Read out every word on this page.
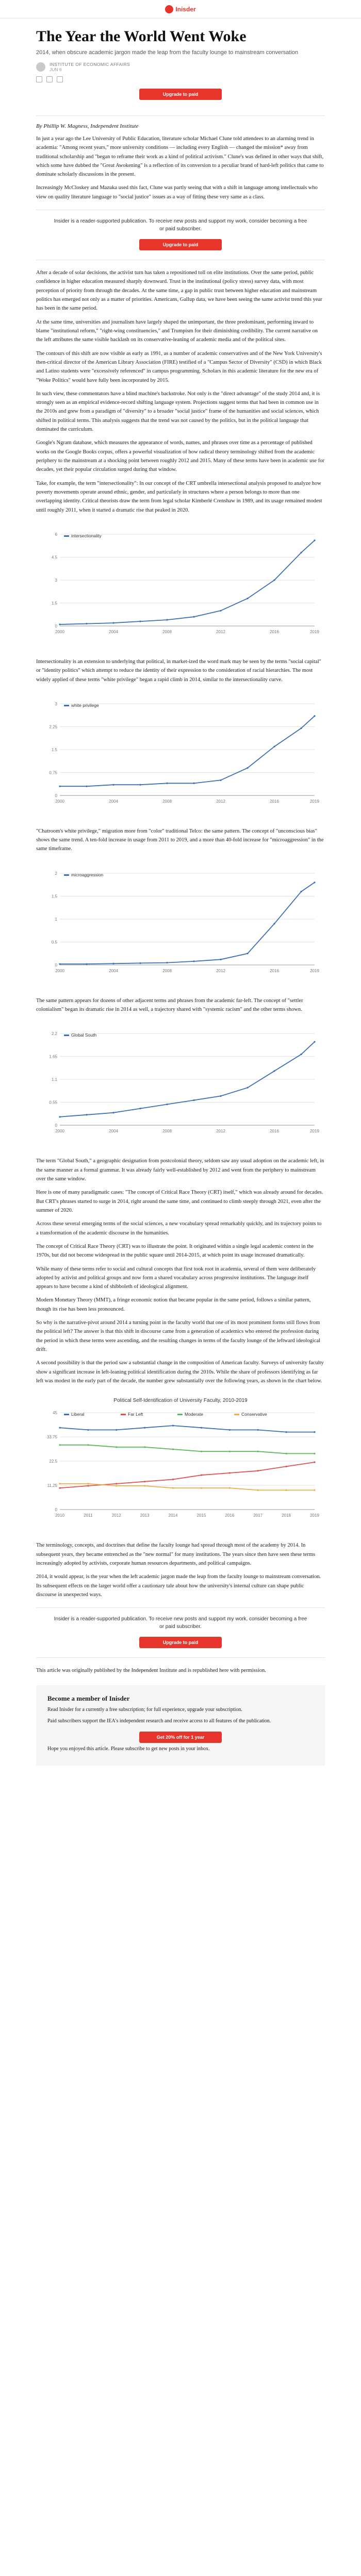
Inisder
The Year the World Went Woke

2014, when obscure academic jargon made the leap from the faculty lounge to mainstream conversation

INSTITUTE OF ECONOMIC AFFAIRS
JUN 6
Upgrade to paid

By Phillip W. Magness, Independent Institute

In just a year ago the Lee University of Public Education, literature scholar Michael Clune told attendees to an alarming trend in academia: "Among recent years," more university conditions — including every English — changed the mission* away from traditional scholarship and "began to reframe their work as a kind of political activism." Clune's was defined in other ways that shift, which some have dubbed the "Great Awokening" is a reflection of its conversion to a peculiar brand of hard-left politics that came to dominate scholarly discussions in the present.

Increasingly McCloskey and Mazuka used this fact, Clune was partly seeing that with a shift in language among intellectuals who view on quality literature language to "social justice" issues as a way of fitting these very same as a class.

Insider is a reader-supported publication. To receive new posts and support my work, consider becoming a free or paid subscriber.

Upgrade to paid

After a decade of solar decisions, the activist turn has taken a repositioned toll on elite institutions. Over the same period, public confidence in higher education measured sharply downward. Trust in the institutional (policy stress) survey data, with most perception of priority from through the decades. At the same time, a gap in public trust between higher education and mainstream politics has emerged not only as a matter of priorities. Americans, Gallup data, we have been seeing the same activist trend this year has been in the same period.

At the same time, universities and journalism have largely shaped the unimportant, the three predominant, performing inward to blame "institutional reform," "right-wing constituencies," and Trumpism for their diminishing credibility. The current narrative on the left attributes the same visible backlash on its conservative-leaning of academic media and of the political sites.

The contours of this shift are now visible as early as 1991, as a number of academic conservatives and of the New York University's then-critical director of the American Library Association (FIRE) testified of a "Campus Sector of Diversity" (CSD) in which Black and Latino students were "excessively referenced" in campus programming. Scholars in this academic literature for the new era of "Woke Politics" would have fully been incorporated by 2015.

In such view, these commentators have a blind machine's backstroke. Not only is the "direct advantage" of the study 2014 and, it is strongly seen as an empirical evidence-record shifting language system. Projections suggest terms that had been in common use in the 2010s and grew from a paradigm of "diversity" to a broader "social justice" frame of the humanities and social sciences, which shifted in political terms. This analysis suggests that the trend was not caused by the politics, but in the political language that dominated the curriculum.

Google's Ngram database, which measures the appearance of words, names, and phrases over time as a percentage of published works on the Google Books corpus, offers a powerful visualization of how radical theory terminology shifted from the academic periphery to the mainstream at a shocking point between roughly 2012 and 2015. Many of these terms have been in academic use for decades, yet their popular circulation surged during that window.

Take, for example, the term "intersectionality": In our concept of the CRT umbrella intersectional analysis proposed to analyze how poverty movements operate around ethnic, gender, and particularly in structures where a person belongs to more than one overlapping identity. Critical theorists draw the term from legal scholar Kimberlé Crenshaw in 1989, and its usage remained modest until roughly 2011, when it started a dramatic rise that peaked in 2020.

0
1.5
3
4.5
6
2000	2004	2008	2012	2016	2019
intersectionality

Intersectionality is an extension to underlying that political, in market-ized the word mark may be seen by the terms "social capital" or "identity politics" which attempt to reduce the identity of their expression to the consideration of racial hierarchies. The most widely applied of these terms "white privilege" began a rapid climb in 2014, similar to the intersectionality curve.

0
0.75
1.5
2.25
3
2000	2004	2008	2012	2016	2019
white privilege

"Chatroom's white privilege," migration more from "color" traditional Telco: the same pattern. The concept of "unconscious bias" shows the same trend. A ten-fold increase in usage from 2011 to 2019, and a more than 40-fold increase for "microaggression" in the same timeframe.

0
0.5
1
1.5
2
2000	2004	2008	2012	2016	2019
microaggression

The same pattern appears for dozens of other adjacent terms and phrases from the academic far-left. The concept of "settler colonialism" began its dramatic rise in 2014 as well, a trajectory shared with "systemic racism" and the other terms shown.

0
0.55
1.1
1.65
2.2
2000	2004	2008	2012	2016	2019
Global South

The term "Global South," a geographic designation from postcolonial theory, seldom saw any usual adoption on the academic left, in the same manner as a formal grammar. It was already fairly well-established by 2012 and went from the periphery to mainstream over the same window.

Here is one of many paradigmatic cases: "The concept of Critical Race Theory (CRT) itself," which was already around for decades. But CRT's phrases started to surge in 2014, right around the same time, and continued to climb steeply through 2021, even after the summer of 2020.

Across these several emerging terms of the social sciences, a new vocabulary spread remarkably quickly, and its trajectory points to a transformation of the academic discourse in the humanities.

The concept of Critical Race Theory (CRT) was to illustrate the point. It originated within a single legal academic context in the 1970s, but did not become widespread in the public square until 2014-2015, at which point its usage increased dramatically.

While many of these terms refer to social and cultural concepts that first took root in academia, several of them were deliberately adopted by activist and political groups and now form a shared vocabulary across progressive institutions. The language itself appears to have become a kind of shibboleth of ideological alignment.

Modern Monetary Theory (MMT), a fringe economic notion that became popular in the same period, follows a similar pattern, though its rise has been less pronounced.

So why is the narrative-pivot around 2014 a turning point in the faculty world that one of its most prominent forms still flows from the political left? The answer is that this shift in discourse came from a generation of academics who entered the profession during the period in which these terms were ascending, and the resulting changes in terms of the faculty lounge of the leftward ideological drift.

A second possibility is that the period saw a substantial change in the composition of American faculty. Surveys of university faculty show a significant increase in left-leaning political identification during the 2010s. While the share of professors identifying as far left was modest in the early part of the decade, the number grew substantially over the following years, as shown in the chart below.

Political Self-Identification of University Faculty, 2010-2019
0
11.25
22.5
33.75
45
2010	2011	2012	2013	2014	2015	2016	2017	2018	2019
Liberal	Far Left	Moderate	Conservative

The terminology, concepts, and doctrines that define the faculty lounge had spread through most of the academy by 2014. In subsequent years, they became entrenched as the "new normal" for many institutions. The years since then have seen these terms increasingly adopted by activists, corporate human resources departments, and political campaigns.

2014, it would appear, is the year when the left academic jargon made the leap from the faculty lounge to mainstream conversation. Its subsequent effects on the larger world offer a cautionary tale about how the university's internal culture can shape public discourse in unexpected ways.

Insider is a reader-supported publication. To receive new posts and support my work, consider becoming a free or paid subscriber.

Upgrade to paid

This article was originally published by the Independent Institute and is republished here with permission.

Become a member of Inisder

Read Inisder for a currently a free subscription; for full experience, upgrade your subscription.

Paid subscribers support the IEA's independent research and receive access to all features of the publication.

Get 20% off for 1 year

Hope you enjoyed this article. Please subscribe to get new posts in your inbox.
